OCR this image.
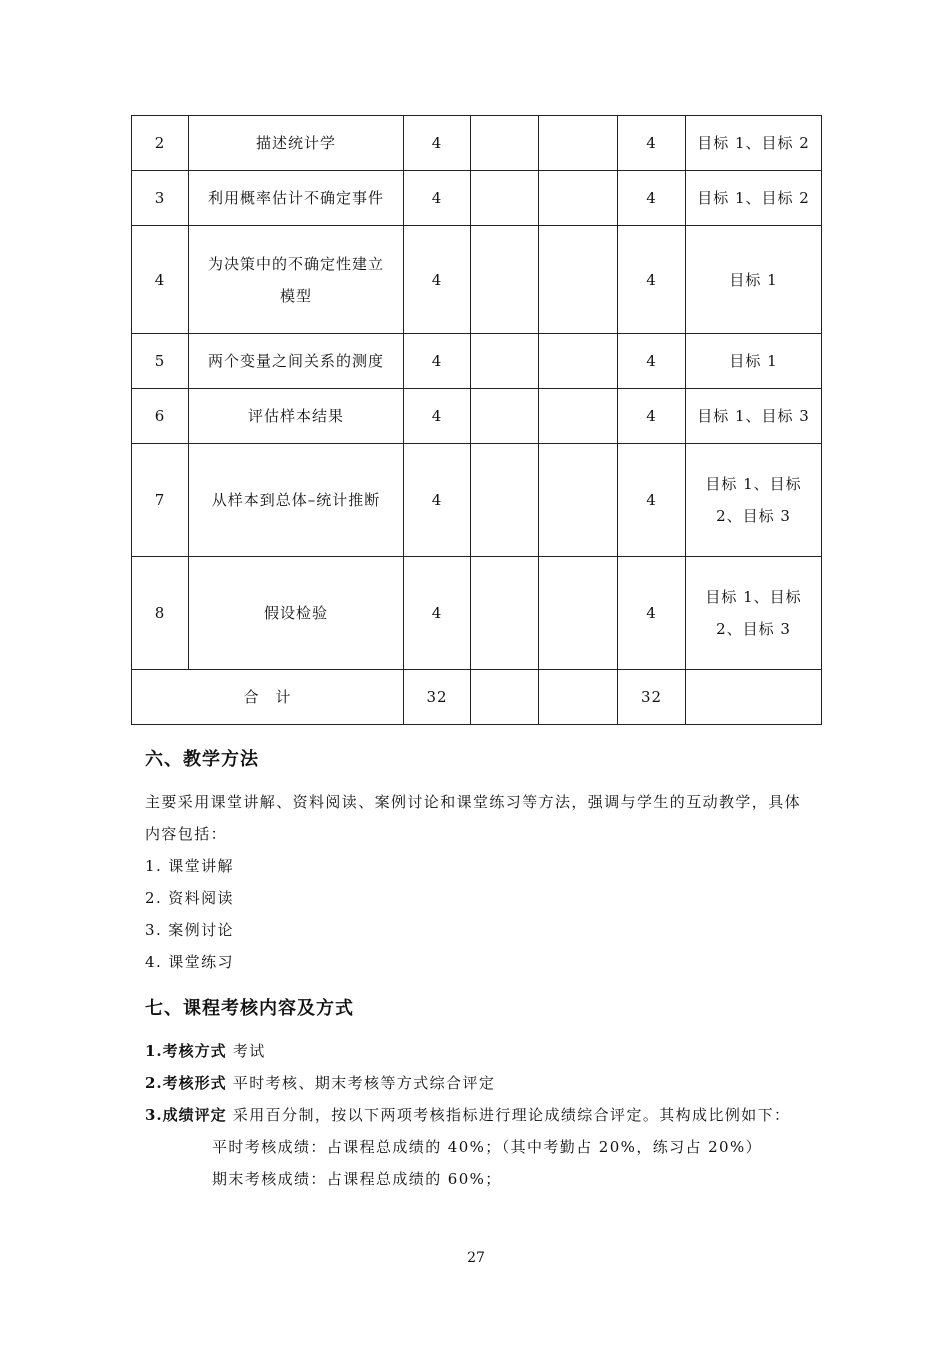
2	描述统计学	4			4	目标 1、目标 2
3	利用概率估计不确定事件	4			4	目标 1、目标 2
4	为决策中的不确定性建立模型	4			4	目标 1
5	两个变量之间关系的测度	4			4	目标 1
6	评估样本结果	4			4	目标 1、目标 3
7	从样本到总体–统计推断	4			4	目标 1、目标 2、目标 3
8	假设检验	4			4	目标 1、目标 2、目标 3
合　计		32			32	
六、教学方法

主要采用课堂讲解、资料阅读、案例讨论和课堂练习等方法，强调与学生的互动教学，具体内容包括：

1. 课堂讲解

2. 资料阅读

3. 案例讨论

4. 课堂练习

七、课程考核内容及方式

1.考核方式 考试

2.考核形式 平时考核、期末考核等方式综合评定

3.成绩评定 采用百分制，按以下两项考核指标进行理论成绩综合评定。其构成比例如下：

平时考核成绩：占课程总成绩的 40%；（其中考勤占 20%，练习占 20%）

期末考核成绩：占课程总成绩的 60%；

27
